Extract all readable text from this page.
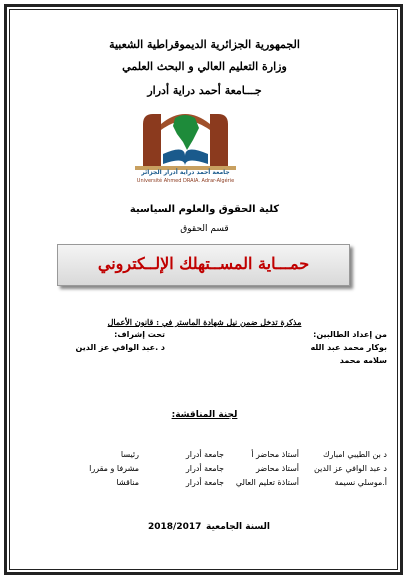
الجمهورية الجزائرية الديموقراطية الشعبية
وزارة التعليم العالي و البحث العلمي
جـــامعة أحمد دراية أدرار
جامعة أحمد دراية أدرار الجزائر
Université Ahmed DRAIA. Adrar-Algérie
كلية الحقوق والعلوم السياسية
قسم الحقوق
حمـــاية المســتهلك الإلــكتروني
مذكرة تدخل ضمن نيل شهادة الماستر في : قانون الأعمال
من إعداد الطالبين:
بوكار محمد عبد الله
سلامه محمد
تحت إشراف:
د .عبد الوافي عز الدين
لجنة المناقشة:
د بن الطيبي امبارك
أستاذ محاضر أ
جامعة أدرار
رئيسا
د عبد الوافي عز الدين
أستاذ محاضر
جامعة أدرار
مشرفا و مقررا
أ.موسلي نسيمة
أستاذة تعليم العالي
جامعة أدرار
مناقشا
السنة الجامعية
2018/2017
